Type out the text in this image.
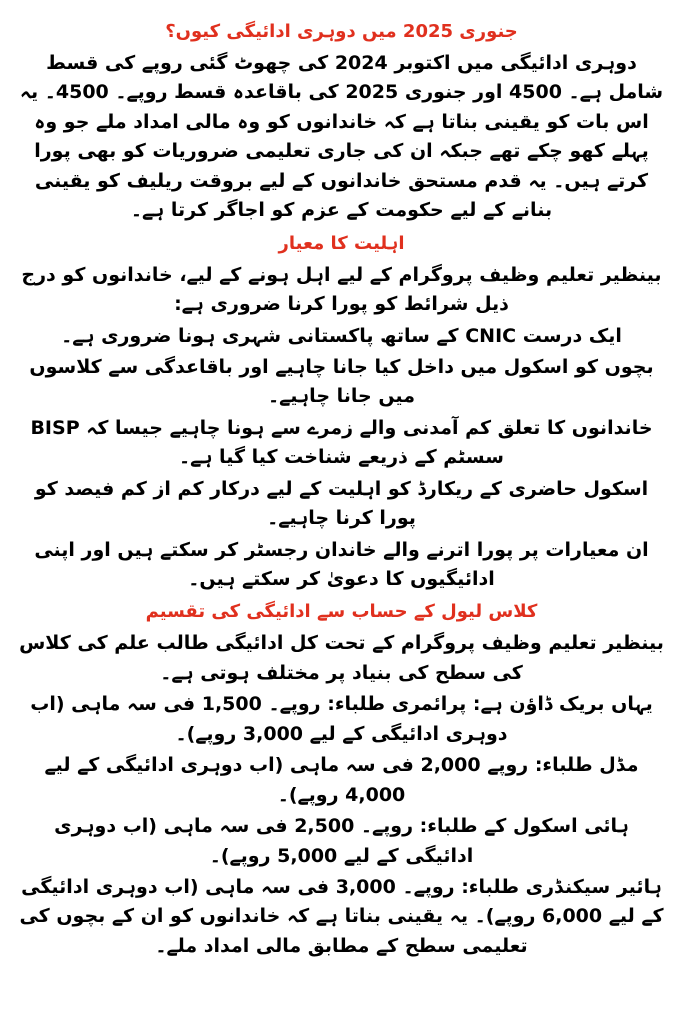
جنوری 2025 میں دوہری ادائیگی کیوں؟

دوہری ادائیگی میں اکتوبر 2024 کی چھوٹ گئی روپے کی قسط شامل ہے۔ 4500 اور جنوری 2025 کی باقاعدہ قسط روپے۔ 4500۔ یہ اس بات کو یقینی بناتا ہے کہ خاندانوں کو وہ مالی امداد ملے جو وہ پہلے کھو چکے تھے جبکہ ان کی جاری تعلیمی ضروریات کو بھی پورا کرتے ہیں۔ یہ قدم مستحق خاندانوں کے لیے بروقت ریلیف کو یقینی بنانے کے لیے حکومت کے عزم کو اجاگر کرتا ہے۔

اہلیت کا معیار

بینظیر تعلیم وظیف پروگرام کے لیے اہل ہونے کے لیے، خاندانوں کو درج ذیل شرائط کو پورا کرنا ضروری ہے:

ایک درست CNIC کے ساتھ پاکستانی شہری ہونا ضروری ہے۔

بچوں کو اسکول میں داخل کیا جانا چاہیے اور باقاعدگی سے کلاسوں میں جانا چاہیے۔

خاندانوں کا تعلق کم آمدنی والے زمرے سے ہونا چاہیے جیسا کہ BISP سسٹم کے ذریعے شناخت کیا گیا ہے۔

اسکول حاضری کے ریکارڈ کو اہلیت کے لیے درکار کم از کم فیصد کو پورا کرنا چاہیے۔

ان معیارات پر پورا اترنے والے خاندان رجسٹر کر سکتے ہیں اور اپنی ادائیگیوں کا دعویٰ کر سکتے ہیں۔

کلاس لیول کے حساب سے ادائیگی کی تقسیم

بینظیر تعلیم وظیف پروگرام کے تحت کل ادائیگی طالب علم کی کلاس کی سطح کی بنیاد پر مختلف ہوتی ہے۔

یہاں بریک ڈاؤن ہے: پرائمری طلباء: روپے۔ 1,500 فی سہ ماہی (اب دوہری ادائیگی کے لیے 3,000 روپے)۔

مڈل طلباء: روپے 2,000 فی سہ ماہی (اب دوہری ادائیگی کے لیے 4,000 روپے)۔

ہائی اسکول کے طلباء: روپے۔ 2,500 فی سہ ماہی (اب دوہری ادائیگی کے لیے 5,000 روپے)۔

ہائیر سیکنڈری طلباء: روپے۔ 3,000 فی سہ ماہی (اب دوہری ادائیگی کے لیے 6,000 روپے)۔ یہ یقینی بناتا ہے کہ خاندانوں کو ان کے بچوں کی تعلیمی سطح کے مطابق مالی امداد ملے۔
